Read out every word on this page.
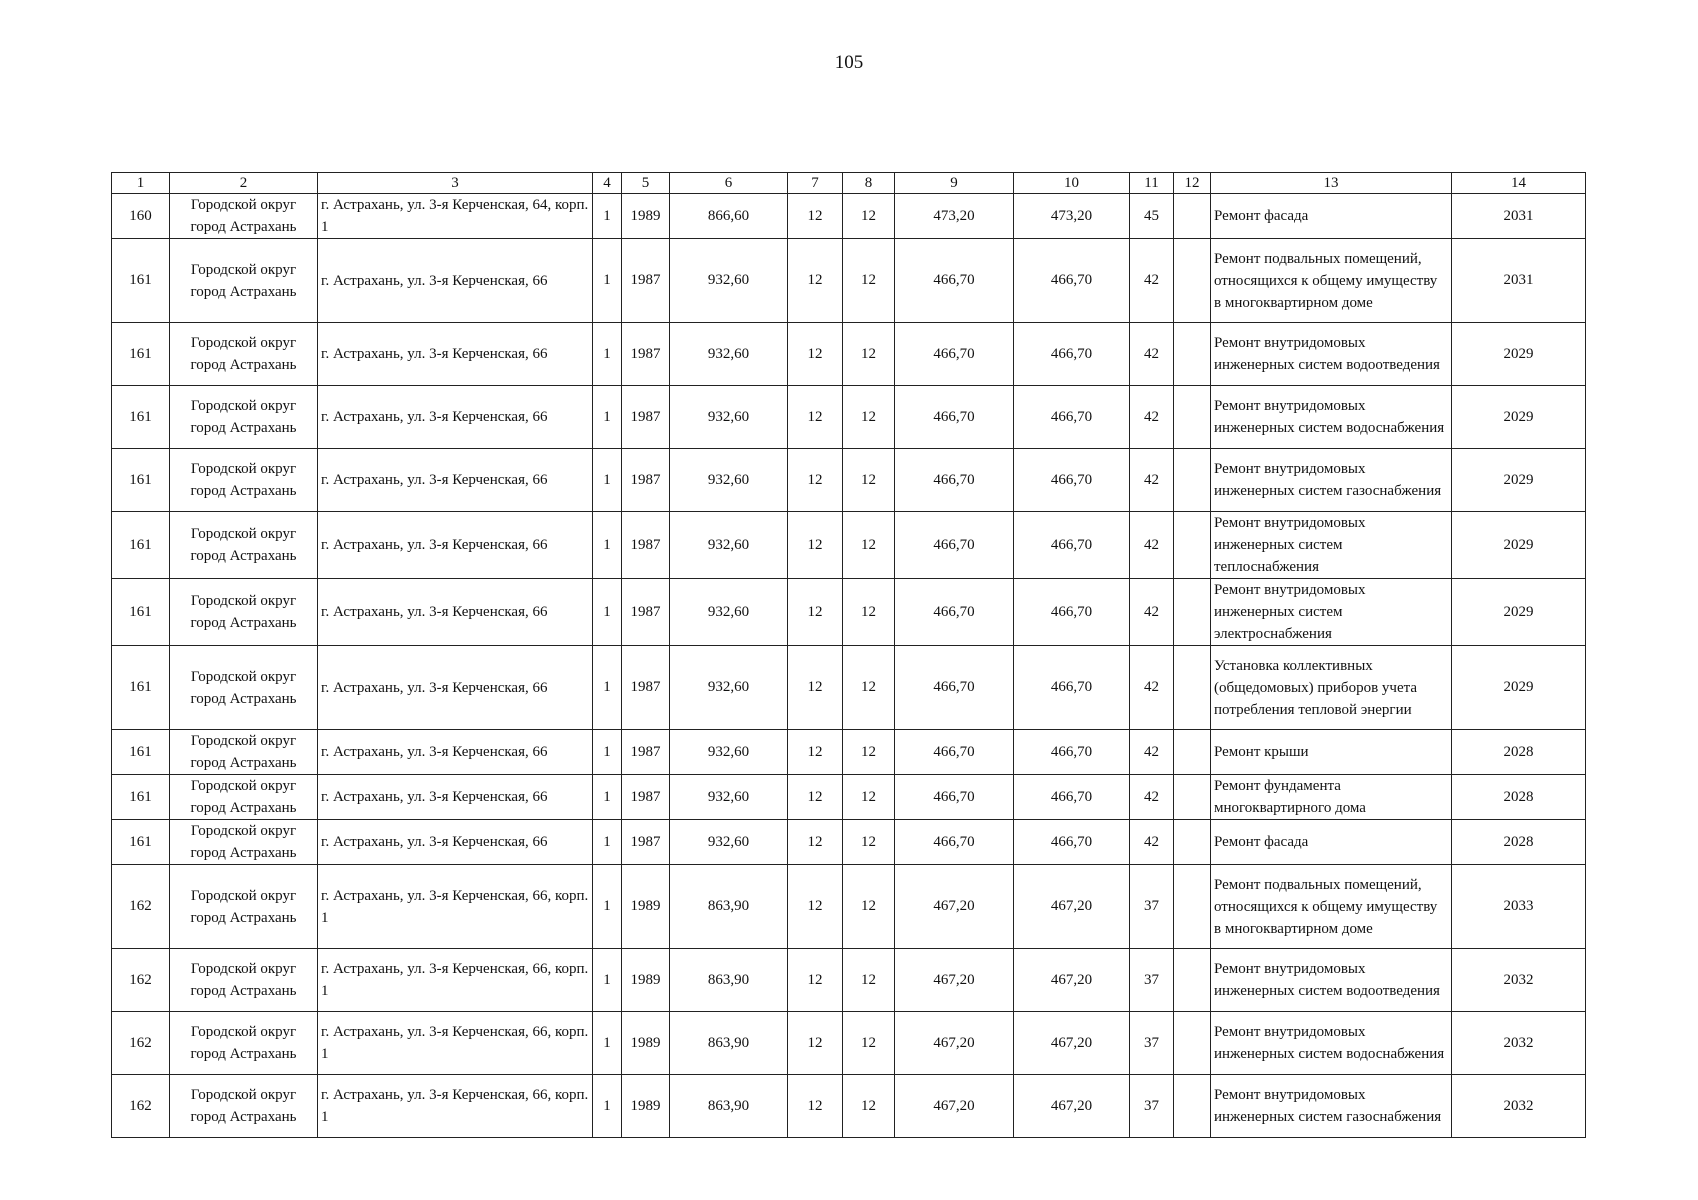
105
1	2	3	4	5	6	7	8	9	10	11	12	13	14
160	Городской округ город Астрахань	г. Астрахань, ул. 3-я Керченская, 64, корп. 1	1	1989	866,60	12	12	473,20	473,20	45		Ремонт фасада	2031
161	Городской округ город Астрахань	г. Астрахань, ул. 3-я Керченская, 66	1	1987	932,60	12	12	466,70	466,70	42		Ремонт подвальных помещений, относящихся к общему имуществу в многоквартирном доме	2031
161	Городской округ город Астрахань	г. Астрахань, ул. 3-я Керченская, 66	1	1987	932,60	12	12	466,70	466,70	42		Ремонт внутридомовых инженерных систем водоотведения	2029
161	Городской округ город Астрахань	г. Астрахань, ул. 3-я Керченская, 66	1	1987	932,60	12	12	466,70	466,70	42		Ремонт внутридомовых инженерных систем водоснабжения	2029
161	Городской округ город Астрахань	г. Астрахань, ул. 3-я Керченская, 66	1	1987	932,60	12	12	466,70	466,70	42		Ремонт внутридомовых инженерных систем газоснабжения	2029
161	Городской округ город Астрахань	г. Астрахань, ул. 3-я Керченская, 66	1	1987	932,60	12	12	466,70	466,70	42		Ремонт внутридомовых инженерных систем теплоснабжения	2029
161	Городской округ город Астрахань	г. Астрахань, ул. 3-я Керченская, 66	1	1987	932,60	12	12	466,70	466,70	42		Ремонт внутридомовых инженерных систем электроснабжения	2029
161	Городской округ город Астрахань	г. Астрахань, ул. 3-я Керченская, 66	1	1987	932,60	12	12	466,70	466,70	42		Установка коллективных (общедомовых) приборов учета потребления тепловой энергии	2029
161	Городской округ город Астрахань	г. Астрахань, ул. 3-я Керченская, 66	1	1987	932,60	12	12	466,70	466,70	42		Ремонт крыши	2028
161	Городской округ город Астрахань	г. Астрахань, ул. 3-я Керченская, 66	1	1987	932,60	12	12	466,70	466,70	42		Ремонт фундамента многоквартирного дома	2028
161	Городской округ город Астрахань	г. Астрахань, ул. 3-я Керченская, 66	1	1987	932,60	12	12	466,70	466,70	42		Ремонт фасада	2028
162	Городской округ город Астрахань	г. Астрахань, ул. 3-я Керченская, 66, корп. 1	1	1989	863,90	12	12	467,20	467,20	37		Ремонт подвальных помещений, относящихся к общему имуществу в многоквартирном доме	2033
162	Городской округ город Астрахань	г. Астрахань, ул. 3-я Керченская, 66, корп. 1	1	1989	863,90	12	12	467,20	467,20	37		Ремонт внутридомовых инженерных систем водоотведения	2032
162	Городской округ город Астрахань	г. Астрахань, ул. 3-я Керченская, 66, корп. 1	1	1989	863,90	12	12	467,20	467,20	37		Ремонт внутридомовых инженерных систем водоснабжения	2032
162	Городской округ город Астрахань	г. Астрахань, ул. 3-я Керченская, 66, корп. 1	1	1989	863,90	12	12	467,20	467,20	37		Ремонт внутридомовых инженерных систем газоснабжения	2032
